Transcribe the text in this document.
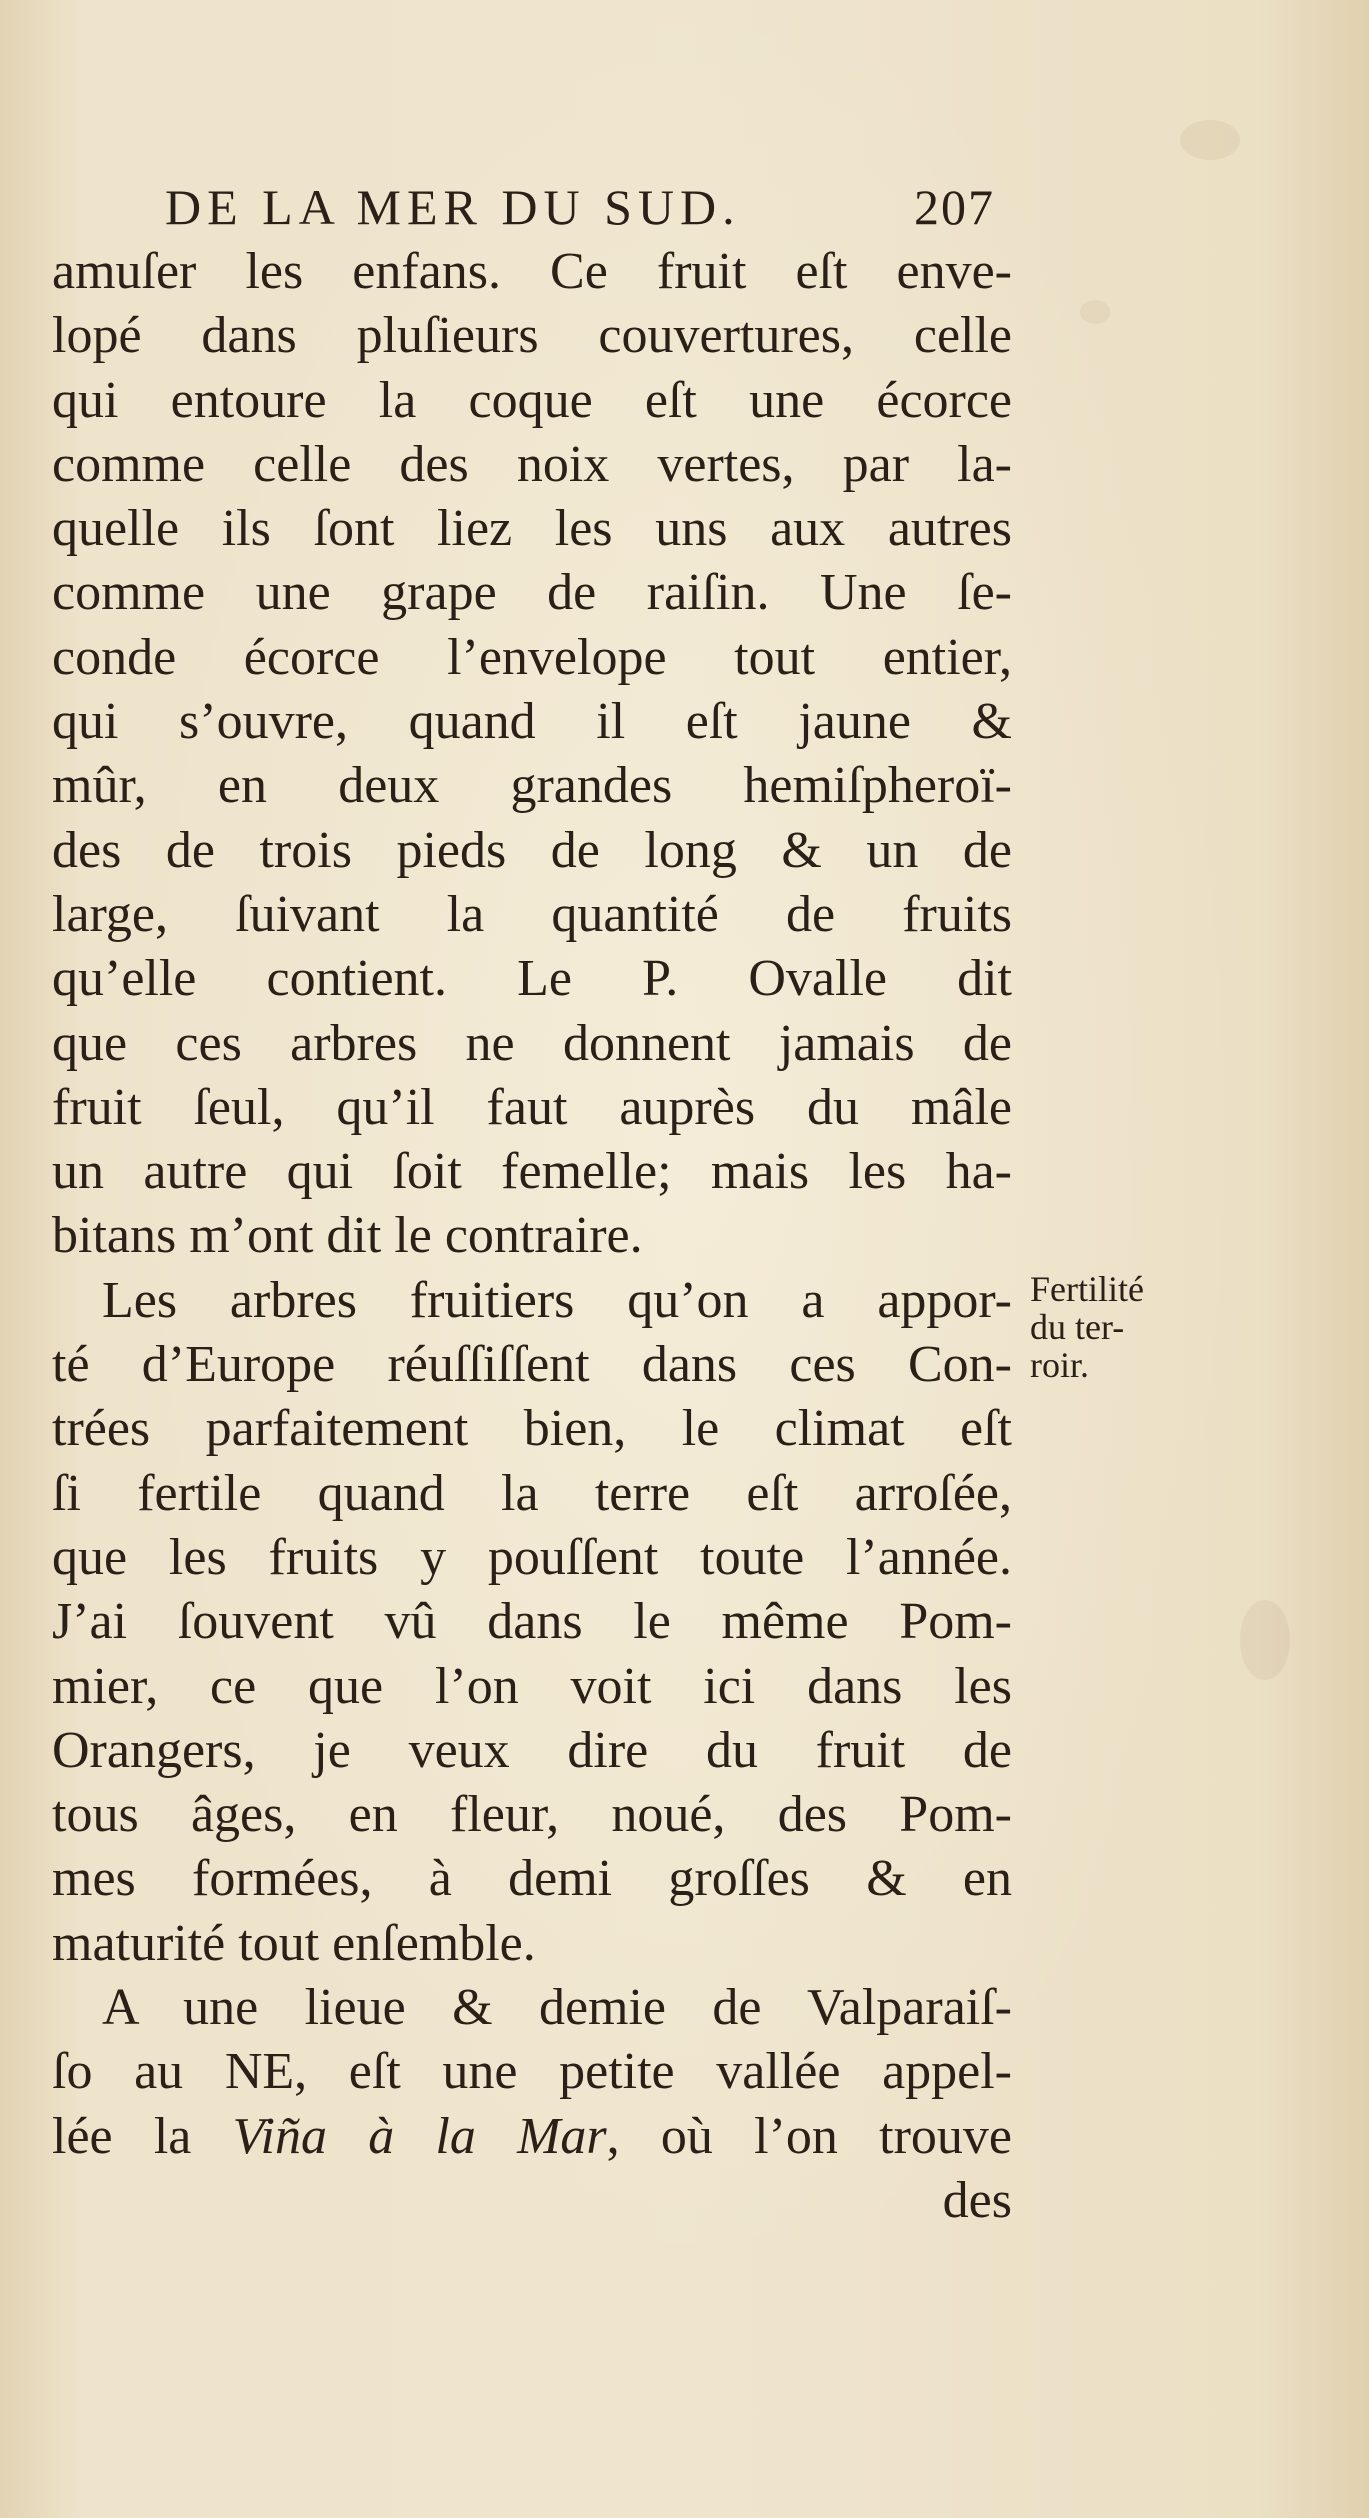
DE LA MER DU SUD.	207
amuſer les enfans. Ce fruit eſt enve-
lopé dans pluſieurs couvertures, celle
qui entoure la coque eſt une écorce
comme celle des noix vertes, par la-
quelle ils ſont liez les uns aux autres
comme une grape de raiſin. Une ſe-
conde écorce l’envelope tout entier,
qui s’ouvre, quand il eſt jaune &
mûr, en deux grandes hemiſpheroï-
des de trois pieds de long & un de
large, ſuivant la quantité de fruits
qu’elle contient. Le P. Ovalle dit
que ces arbres ne donnent jamais de
fruit ſeul, qu’il faut auprès du mâle
un autre qui ſoit femelle; mais les ha-
bitans m’ont dit le contraire.
Les arbres fruitiers qu’on a appor-
té d’Europe réuſſiſſent dans ces Con-
trées parfaitement bien, le climat eſt
ſi fertile quand la terre eſt arroſée,
que les fruits y pouſſent toute l’année.
J’ai ſouvent vû dans le même Pom-
mier, ce que l’on voit ici dans les
Orangers, je veux dire du fruit de
tous âges, en fleur, noué, des Pom-
mes formées, à demi groſſes & en
maturité tout enſemble.
A une lieue & demie de Valparaiſ-
ſo au NE, eſt une petite vallée appel-
lée la Viña à la Mar, où l’on trouve
des
Fertilité
du ter-
roir.
